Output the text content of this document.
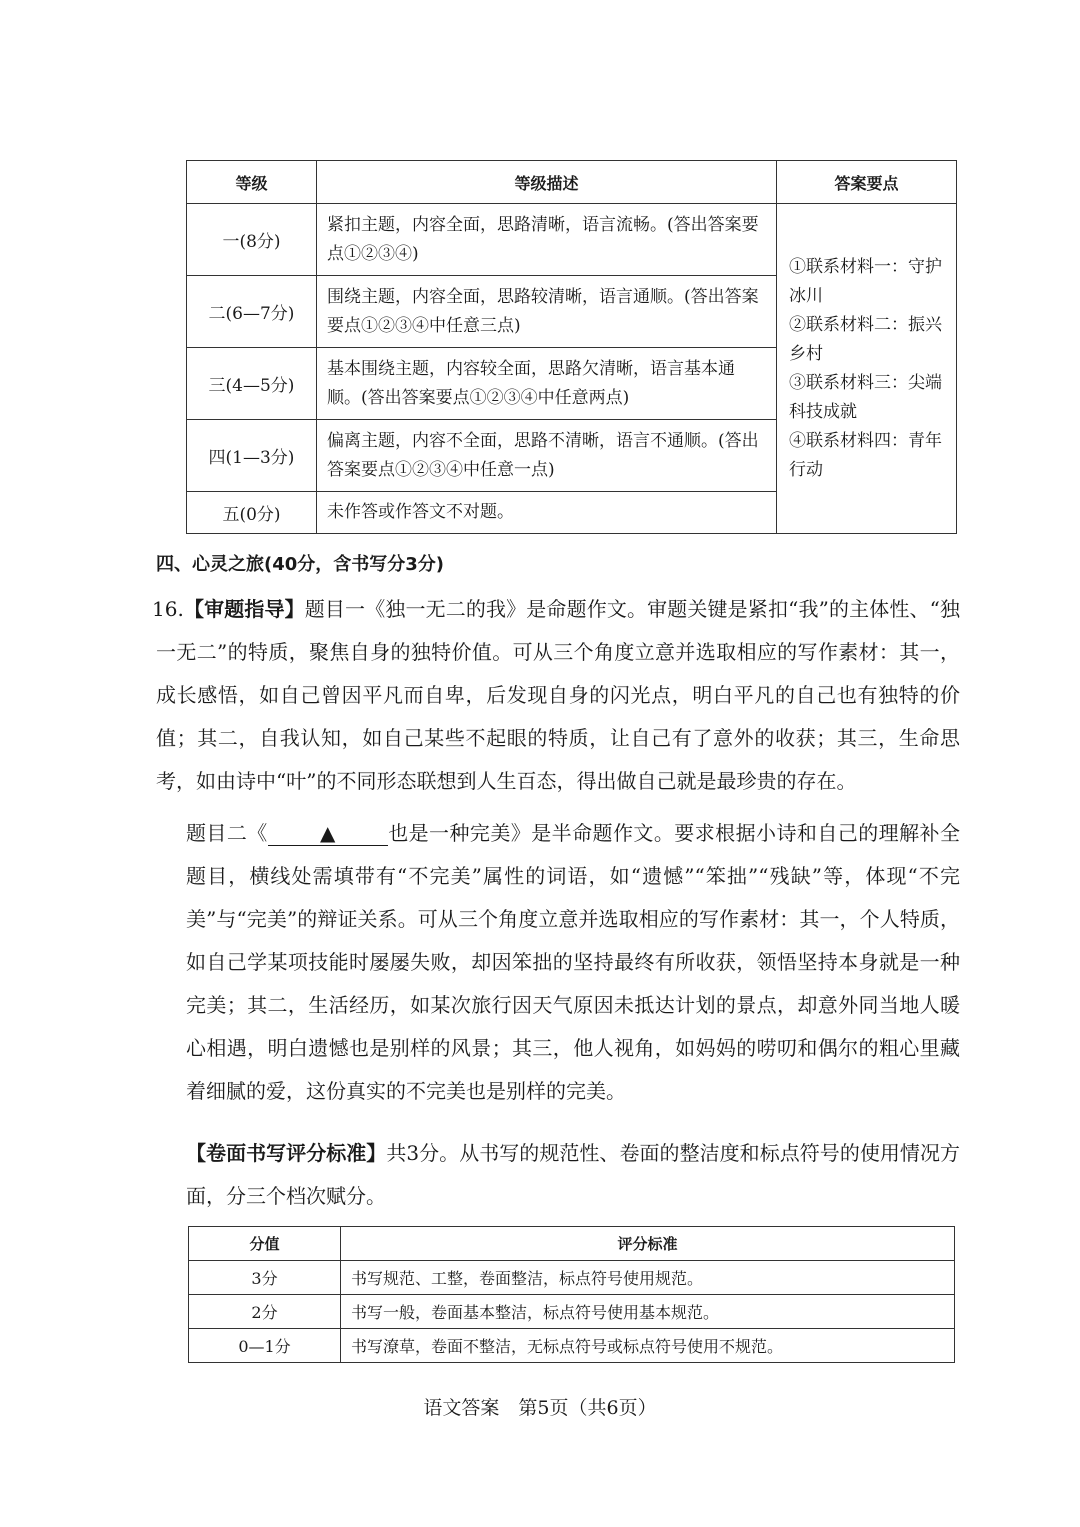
等级	等级描述	答案要点
一(8分)	紧扣主题，内容全面，思路清晰，语言流畅。(答出答案要点①②③④)	①联系材料一：守护冰川
②联系材料二：振兴乡村
③联系材料三：尖端科技成就
④联系材料四：青年行动

二(6—7分)	围绕主题，内容全面，思路较清晰，语言通顺。(答出答案要点①②③④中任意三点)	
三(4—5分)	基本围绕主题，内容较全面，思路欠清晰，语言基本通顺。(答出答案要点①②③④中任意两点)	
四(1—3分)	偏离主题，内容不全面，思路不清晰，语言不通顺。(答出答案要点①②③④中任意一点)	
五(0分)	未作答或作答文不对题。	
四、心灵之旅(40分，含书写分3分)
16.【审题指导】题目一《独一无二的我》是命题作文。审题关键是紧扣“我”的主体性、“独一无二”的特质，聚焦自身的独特价值。可从三个角度立意并选取相应的写作素材：其一，成长感悟，如自己曾因平凡而自卑，后发现自身的闪光点，明白平凡的自己也有独特的价值；其二，自我认知，如自己某些不起眼的特质，让自己有了意外的收获；其三，生命思考，如由诗中“叶”的不同形态联想到人生百态，得出做自己就是最珍贵的存在。
题目二《	▲	也是一种完美》是半命题作文。要求根据小诗和自己的理解补全题目，横线处需填带有“不完美”属性的词语，如“遗憾”“笨拙”“残缺”等，体现“不完美”与“完美”的辩证关系。可从三个角度立意并选取相应的写作素材：其一，个人特质，如自己学某项技能时屡屡失败，却因笨拙的坚持最终有所收获，领悟坚持本身就是一种完美；其二，生活经历，如某次旅行因天气原因未抵达计划的景点，却意外同当地人暖心相遇，明白遗憾也是别样的风景；其三，他人视角，如妈妈的唠叨和偶尔的粗心里藏着细腻的爱，这份真实的不完美也是别样的完美。
【卷面书写评分标准】共3分。从书写的规范性、卷面的整洁度和标点符号的使用情况方面，分三个档次赋分。
分值	评分标准
3分	书写规范、工整，卷面整洁，标点符号使用规范。
2分	书写一般，卷面基本整洁，标点符号使用基本规范。
0—1分	书写潦草，卷面不整洁，无标点符号或标点符号使用不规范。
语文答案　第5页（共6页）
